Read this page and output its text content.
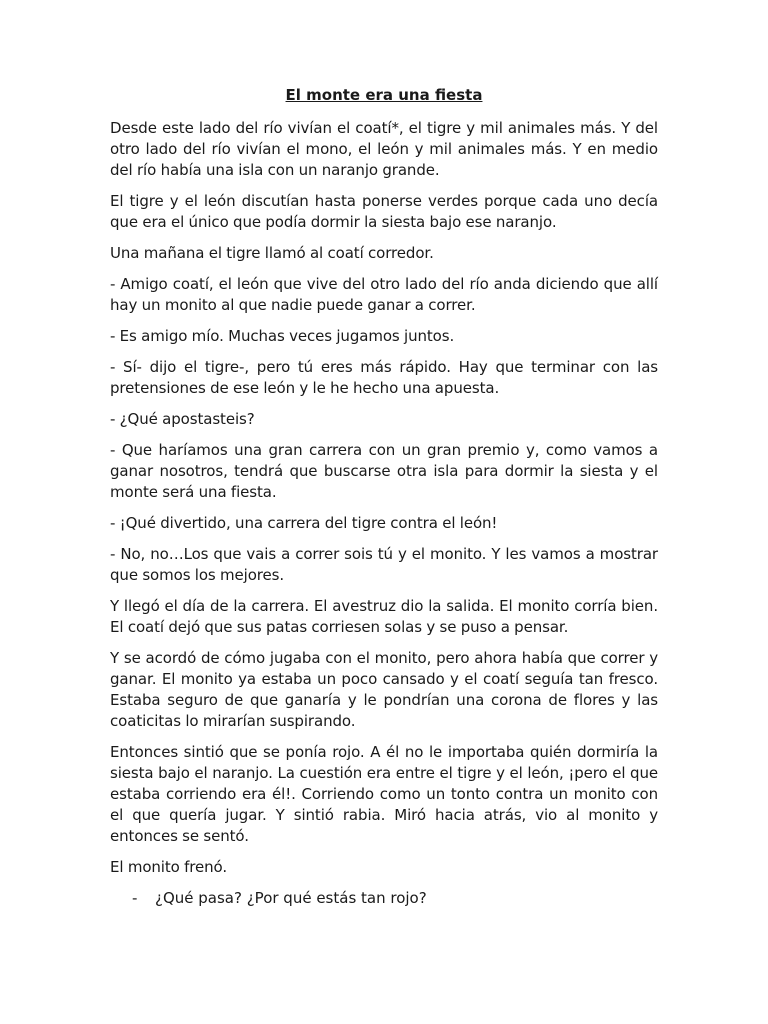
El monte era una fiesta

Desde este lado del río vivían el coatí*, el tigre y mil animales más. Y del otro lado del río vivían el mono, el león y mil animales más. Y en medio del río había una isla con un naranjo grande.

El tigre y el león discutían hasta ponerse verdes porque cada uno decía que era el único que podía dormir la siesta bajo ese naranjo.

Una mañana el tigre llamó al coatí corredor.

- Amigo coatí, el león que vive del otro lado del río anda diciendo que allí hay un monito al que nadie puede ganar a correr.

- Es amigo mío. Muchas veces jugamos juntos.

- Sí- dijo el tigre-, pero tú eres más rápido. Hay que terminar con las pretensiones de ese león y le he hecho una apuesta.

- ¿Qué apostasteis?

- Que haríamos una gran carrera con un gran premio y, como vamos a ganar nosotros, tendrá que buscarse otra isla para dormir la siesta y el monte será una fiesta.

- ¡Qué divertido, una carrera del tigre contra el león!

- No, no…Los que vais a correr sois tú y el monito. Y les vamos a mostrar que somos los mejores.

Y llegó el día de la carrera. El avestruz dio la salida. El monito corría bien. El coatí dejó que sus patas corriesen solas y se puso a pensar.

Y se acordó de cómo jugaba con el monito, pero ahora había que correr y ganar. El monito ya estaba un poco cansado y el coatí seguía tan fresco. Estaba seguro de que ganaría y le pondrían una corona de flores y las coaticitas lo mirarían suspirando.

Entonces sintió que se ponía rojo. A él no le importaba quién dormiría la siesta bajo el naranjo. La cuestión era entre el tigre y el león, ¡pero el que estaba corriendo era él!. Corriendo como un tonto contra un monito con el que quería jugar. Y sintió rabia. Miró hacia atrás, vio al monito y entonces se sentó.

El monito frenó.

- ¿Qué pasa? ¿Por qué estás tan rojo?
